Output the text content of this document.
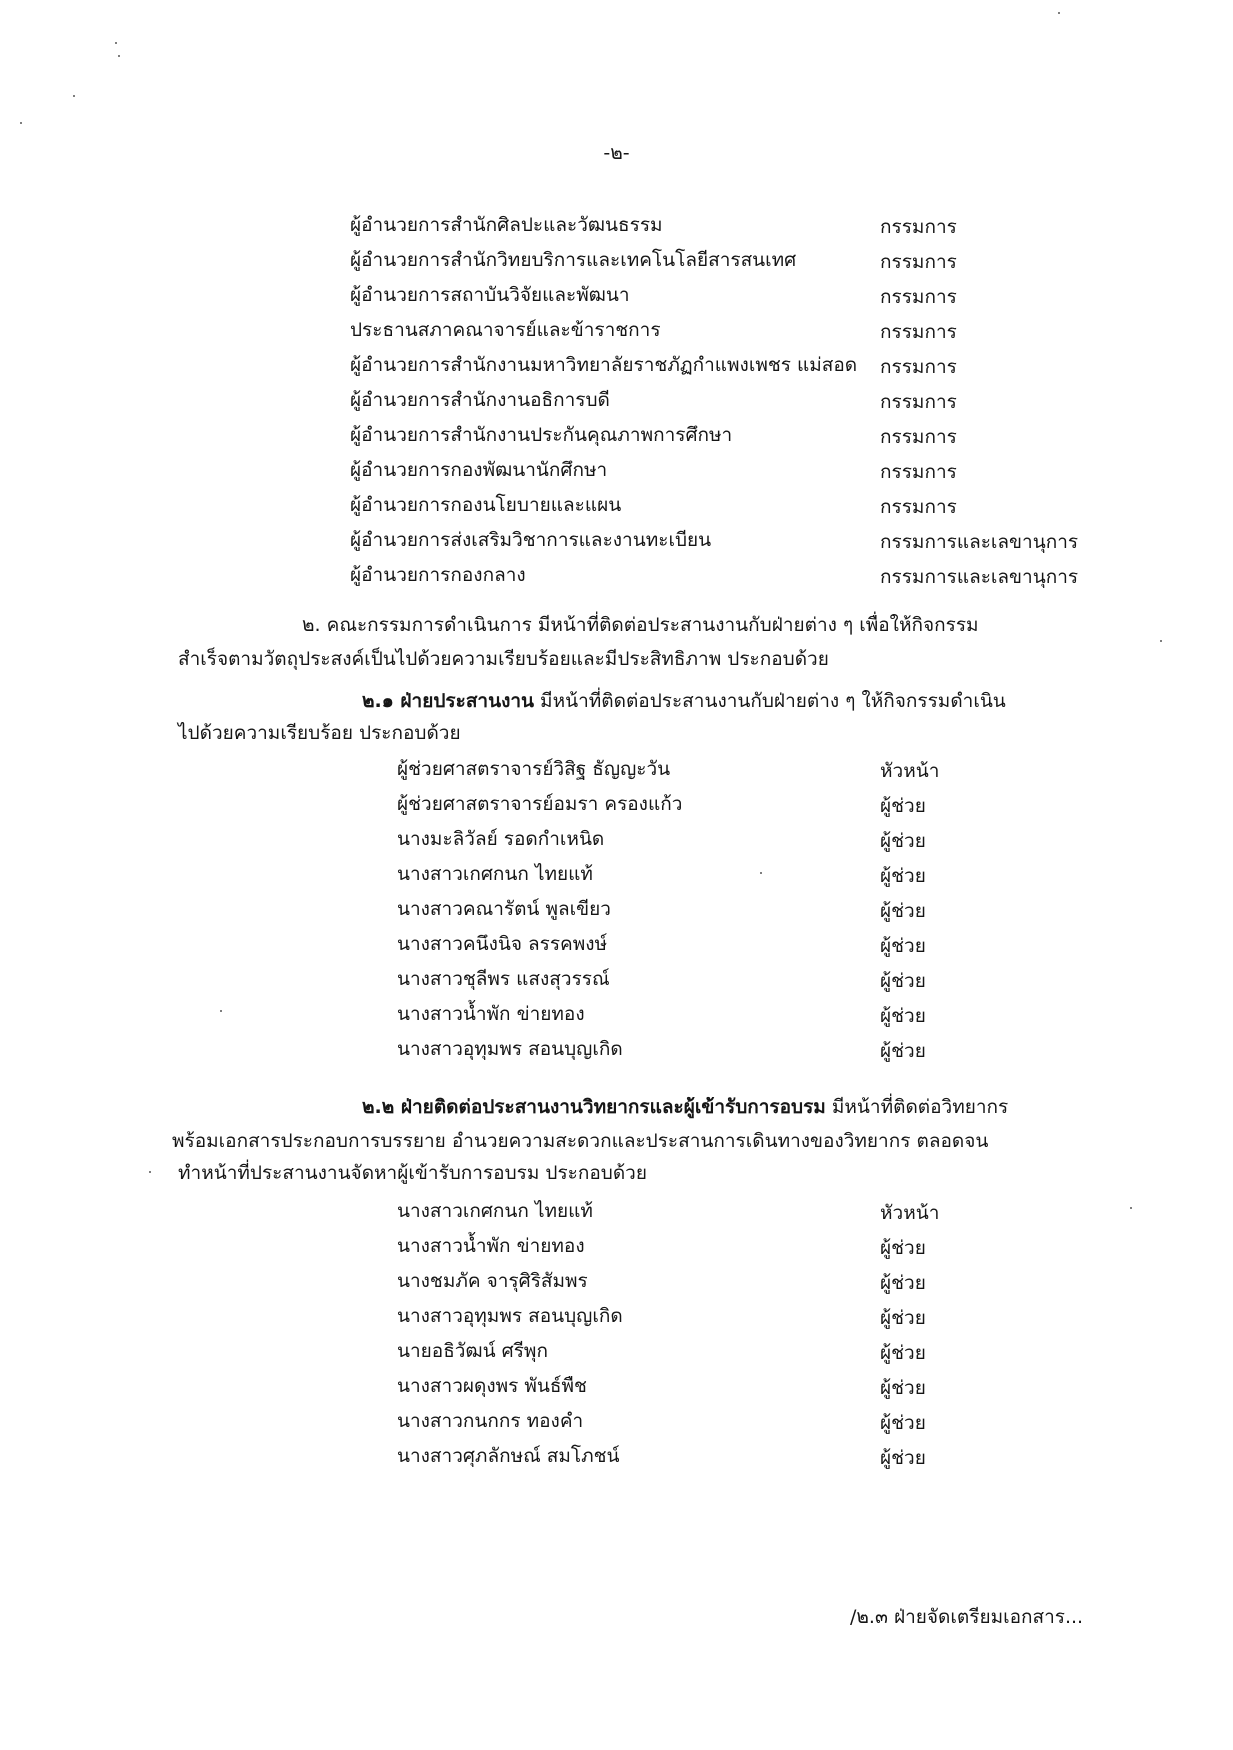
-๒-
ผู้อำนวยการสำนักศิลปะและวัฒนธรรม	กรรมการ
ผู้อำนวยการสำนักวิทยบริการและเทคโนโลยีสารสนเทศ	กรรมการ
ผู้อำนวยการสถาบันวิจัยและพัฒนา	กรรมการ
ประธานสภาคณาจารย์และข้าราชการ	กรรมการ
ผู้อำนวยการสำนักงานมหาวิทยาลัยราชภัฏกำแพงเพชร แม่สอด กรรมการ
ผู้อำนวยการสำนักงานอธิการบดี	กรรมการ
ผู้อำนวยการสำนักงานประกันคุณภาพการศึกษา	กรรมการ
ผู้อำนวยการกองพัฒนานักศึกษา	กรรมการ
ผู้อำนวยการกองนโยบายและแผน	กรรมการ
ผู้อำนวยการส่งเสริมวิชาการและงานทะเบียน	กรรมการและเลขานุการ
ผู้อำนวยการกองกลาง	กรรมการและเลขานุการ
๒. คณะกรรมการดำเนินการ มีหน้าที่ติดต่อประสานงานกับฝ่ายต่าง ๆ เพื่อให้กิจกรรม
สำเร็จตามวัตถุประสงค์เป็นไปด้วยความเรียบร้อยและมีประสิทธิภาพ ประกอบด้วย
๒.๑ ฝ่ายประสานงาน มีหน้าที่ติดต่อประสานงานกับฝ่ายต่าง ๆ ให้กิจกรรมดำเนิน
ไปด้วยความเรียบร้อย ประกอบด้วย
ผู้ช่วยศาสตราจารย์วิสิฐ ธัญญะวัน	หัวหน้า
ผู้ช่วยศาสตราจารย์อมรา ครองแก้ว	ผู้ช่วย
นางมะลิวัลย์ รอดกำเหนิด	ผู้ช่วย
นางสาวเกศกนก ไทยแท้	ผู้ช่วย
นางสาวคณารัตน์ พูลเขียว	ผู้ช่วย
นางสาวคนึงนิจ ลรรคพงษ์	ผู้ช่วย
นางสาวชุลีพร แสงสุวรรณ์	ผู้ช่วย
นางสาวน้ำพัก ข่ายทอง	ผู้ช่วย
นางสาวอุทุมพร สอนบุญเกิด	ผู้ช่วย
๒.๒ ฝ่ายติดต่อประสานงานวิทยากรและผู้เข้ารับการอบรม มีหน้าที่ติดต่อวิทยากร
พร้อมเอกสารประกอบการบรรยาย อำนวยความสะดวกและประสานการเดินทางของวิทยากร ตลอดจน
ทำหน้าที่ประสานงานจัดหาผู้เข้ารับการอบรม ประกอบด้วย
นางสาวเกศกนก ไทยแท้	หัวหน้า
นางสาวน้ำพัก ข่ายทอง	ผู้ช่วย
นางชมภัค จารุศิริสัมพร	ผู้ช่วย
นางสาวอุทุมพร สอนบุญเกิด	ผู้ช่วย
นายอธิวัฒน์ ศรีพุก	ผู้ช่วย
นางสาวผดุงพร พันธ์พืช	ผู้ช่วย
นางสาวกนกกร ทองคำ	ผู้ช่วย
นางสาวศุภลักษณ์ สมโภชน์	ผู้ช่วย
/๒.๓ ฝ่ายจัดเตรียมเอกสาร...
